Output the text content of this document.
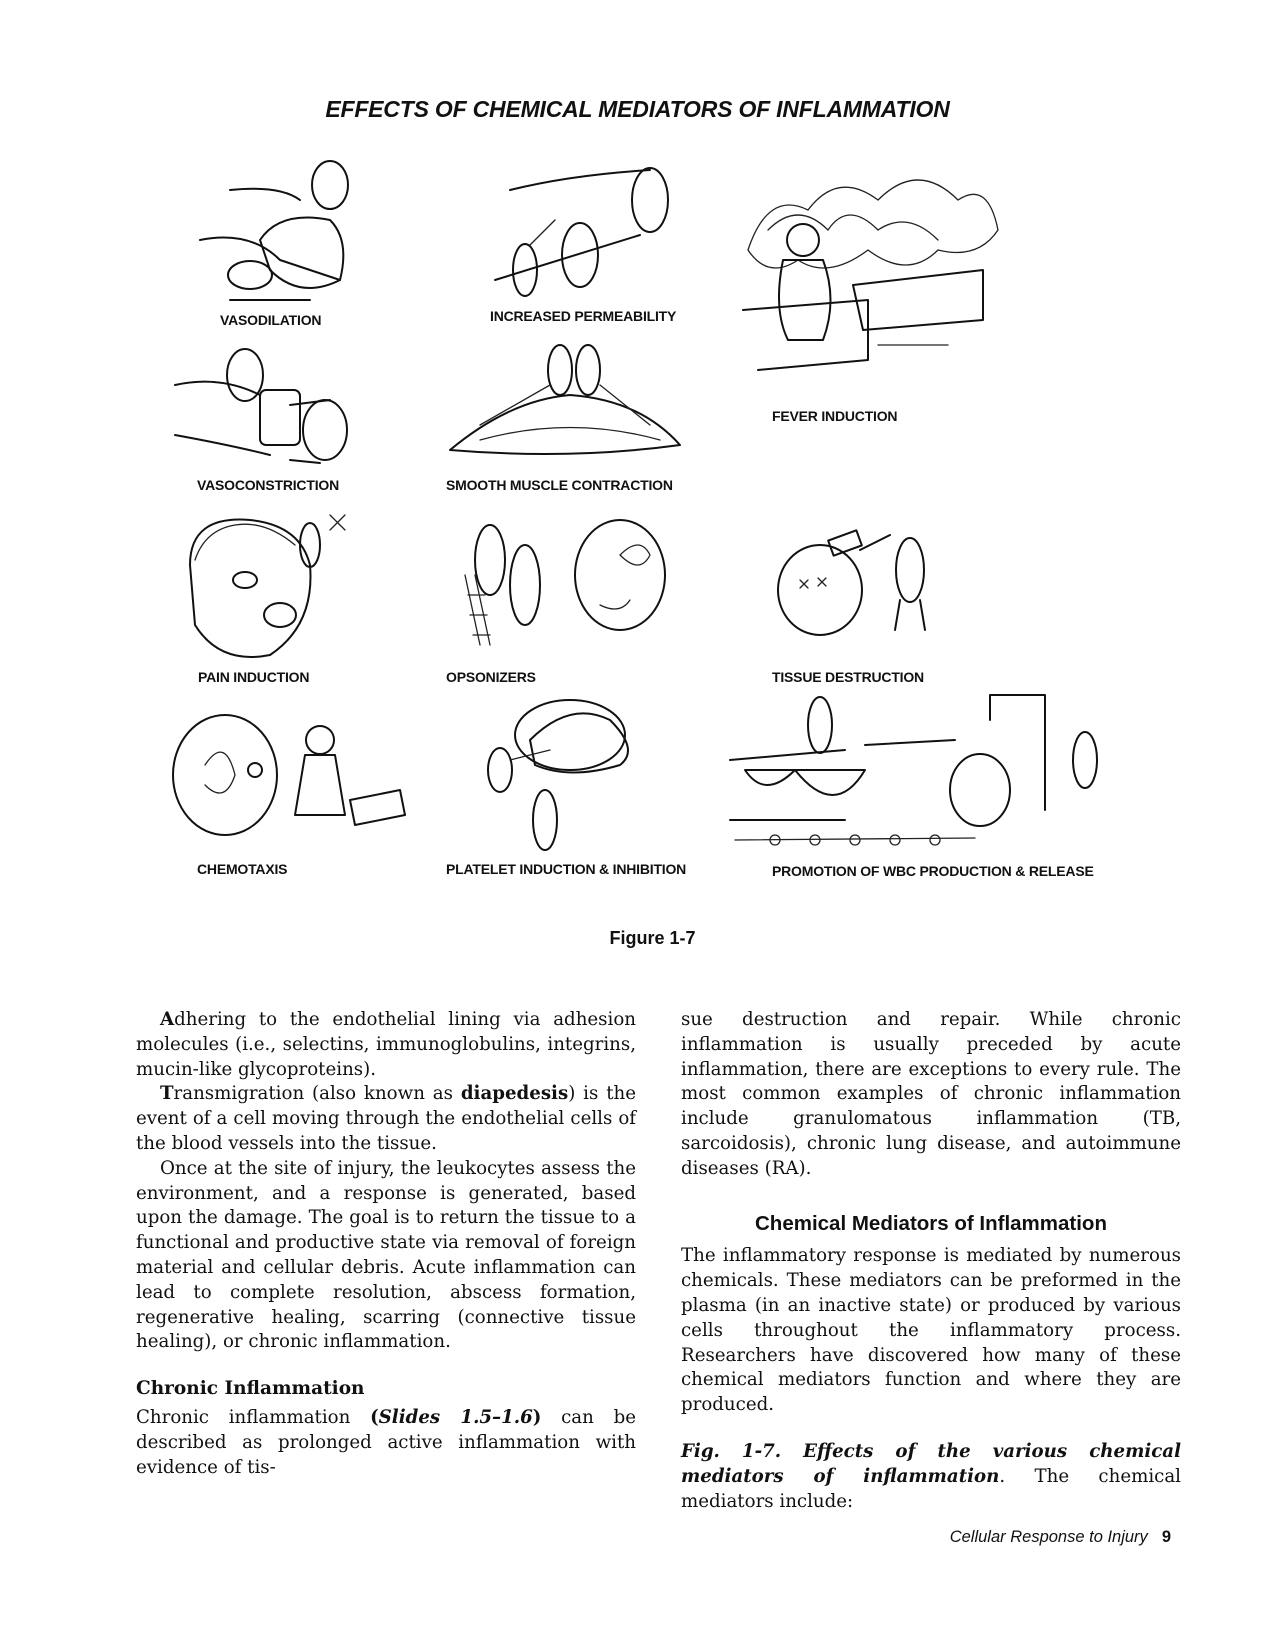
EFFECTS OF CHEMICAL MEDIATORS OF INFLAMMATION
VASODILATION	INCREASED PERMEABILITY
FEVER INDUCTION
VASOCONSTRICTION	SMOOTH MUSCLE CONTRACTION
PAIN INDUCTION	OPSONIZERS	TISSUE DESTRUCTION
CHEMOTAXIS	PLATELET INDUCTION & INHIBITION	PROMOTION OF WBC PRODUCTION & RELEASE
Figure 1-7

Adhering to the endothelial lining via adhesion molecules (i.e., selectins, immunoglobulins, integrins, mucin-like glycoproteins).

Transmigration (also known as diapedesis) is the event of a cell moving through the endothelial cells of the blood vessels into the tissue.

Once at the site of injury, the leukocytes assess the environment, and a response is generated, based upon the damage. The goal is to return the tissue to a functional and productive state via removal of foreign material and cellular debris. Acute inflammation can lead to complete resolution, abscess formation, regenerative healing, scarring (connective tissue healing), or chronic inflammation.

Chronic Inflammation

Chronic inflammation (Slides 1.5–1.6) can be described as prolonged active inflammation with evidence of tis-

sue destruction and repair. While chronic inflammation is usually preceded by acute inflammation, there are exceptions to every rule. The most common examples of chronic inflammation include granulomatous inflammation (TB, sarcoidosis), chronic lung disease, and autoimmune diseases (RA).

Chemical Mediators of Inflammation

The inflammatory response is mediated by numerous chemicals. These mediators can be preformed in the plasma (in an inactive state) or produced by various cells throughout the inflammatory process. Researchers have discovered how many of these chemical mediators function and where they are produced.

Fig. 1-7. Effects of the various chemical mediators of inflammation. The chemical mediators include:

Cellular Response to Injury 9
